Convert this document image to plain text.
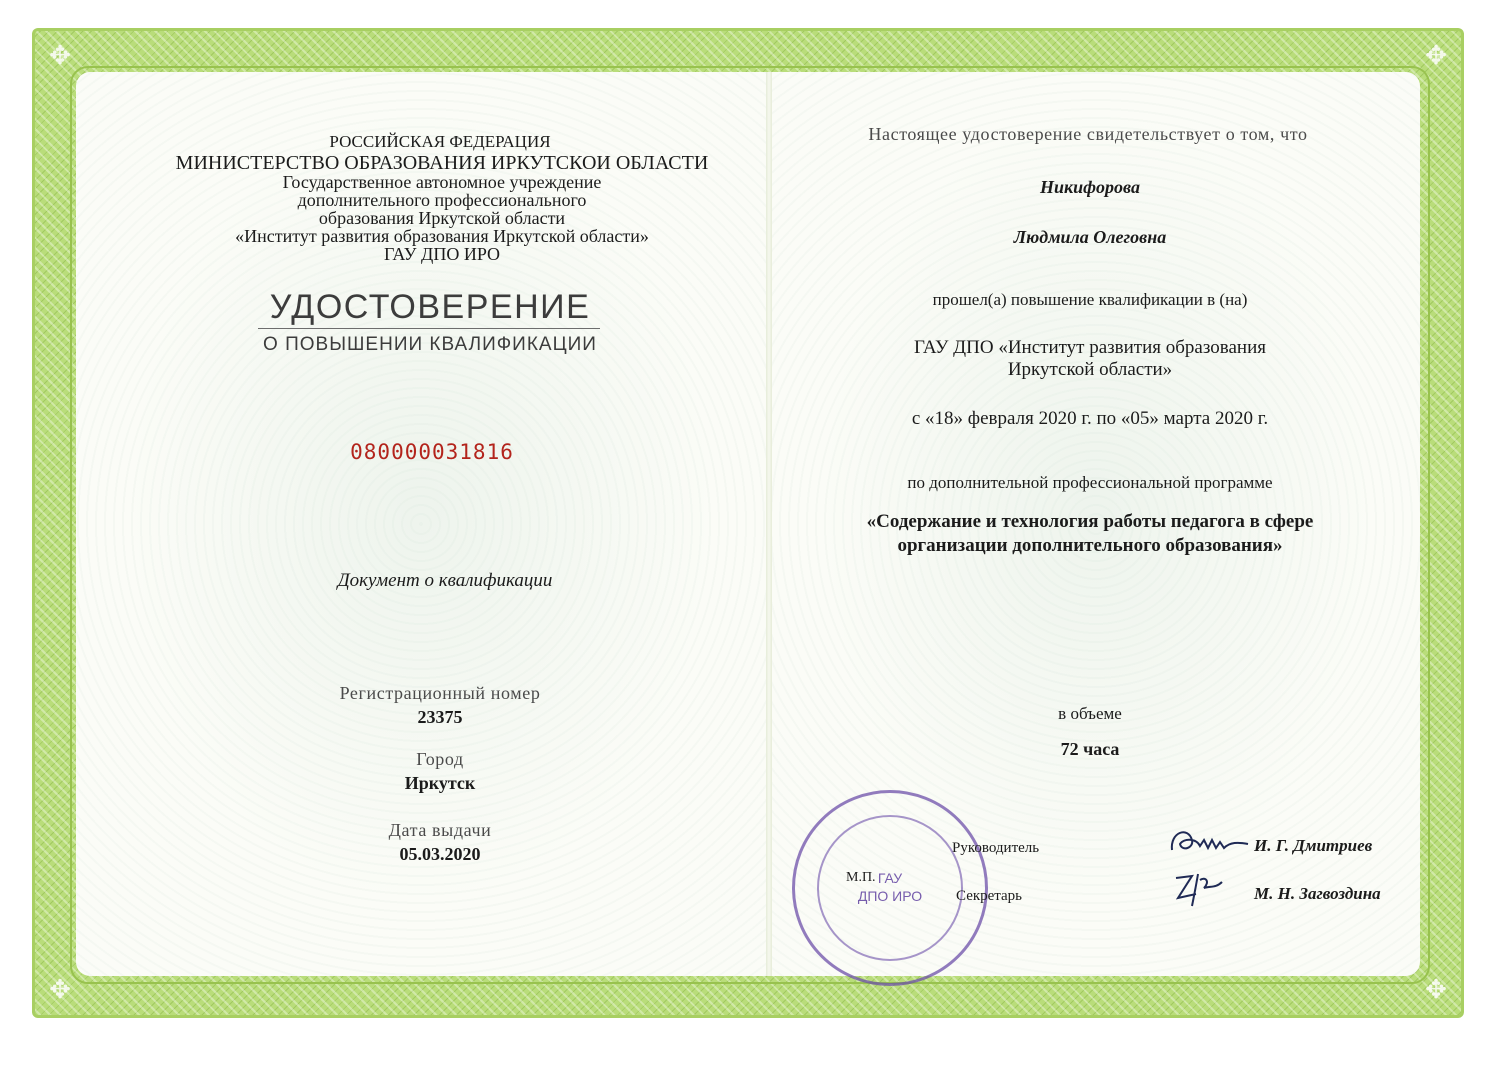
✥	✥
✥	✥
РОССИЙСКАЯ ФЕДЕРАЦИЯ
МИНИСТЕРСТВО ОБРАЗОВАНИЯ ИРКУТСКОИ ОБЛАСТИ
Государственное автономное учреждение
дополнительного профессионального
образования Иркутской области
«Институт развития образования Иркутской области»
ГАУ ДПО ИРО
УДОСТОВЕРЕНИЕ
О ПОВЫШЕНИИ КВАЛИФИКАЦИИ
080000031816
Документ о квалификации
Регистрационный номер
23375
Город
Иркутск
Дата выдачи
05.03.2020
Настоящее удостоверение свидетельствует о том, что
Никифорова
Людмила Олеговна
прошел(а) повышение квалификации в (на)
ГАУ ДПО «Институт развития образования
Иркутской области»
с «18» февраля 2020 г. по «05» марта 2020 г.
по дополнительной профессиональной программе
«Содержание и технология работы педагога в сфере
организации дополнительного образования»
в объеме
72 часа
ГАУ
ДПО ИРО
Руководитель
М.П.
Секретарь
И. Г. Дмитриев
М. Н. Загвоздина
